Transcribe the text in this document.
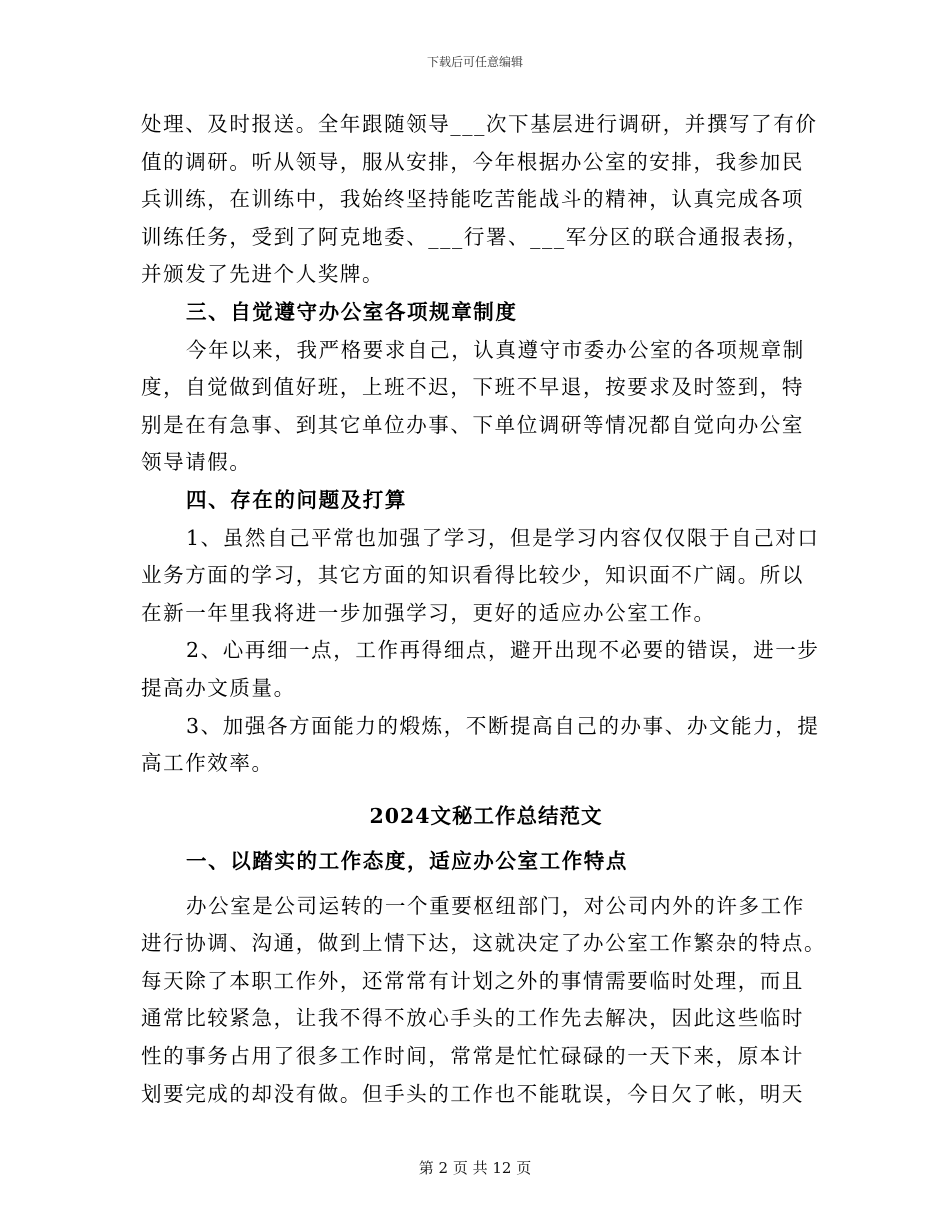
下载后可任意编辑
处理、及时报送。全年跟随领导___次下基层进行调研，并撰写了有价
值的调研。听从领导，服从安排，今年根据办公室的安排，我参加民
兵训练，在训练中，我始终坚持能吃苦能战斗的精神，认真完成各项
训练任务，受到了阿克地委、___行署、___军分区的联合通报表扬，
并颁发了先进个人奖牌。
三、自觉遵守办公室各项规章制度
今年以来，我严格要求自己，认真遵守市委办公室的各项规章制
度，自觉做到值好班，上班不迟，下班不早退，按要求及时签到，特
别是在有急事、到其它单位办事、下单位调研等情况都自觉向办公室
领导请假。
四、存在的问题及打算
1、虽然自己平常也加强了学习，但是学习内容仅仅限于自己对口
业务方面的学习，其它方面的知识看得比较少，知识面不广阔。所以
在新一年里我将进一步加强学习，更好的适应办公室工作。
2、心再细一点，工作再得细点，避开出现不必要的错误，进一步
提高办文质量。
3、加强各方面能力的煅炼，不断提高自己的办事、办文能力，提
高工作效率。
2024文秘工作总结范文
一、以踏实的工作态度，适应办公室工作特点
办公室是公司运转的一个重要枢纽部门，对公司内外的许多工作
进行协调、沟通，做到上情下达，这就决定了办公室工作繁杂的特点。
每天除了本职工作外，还常常有计划之外的事情需要临时处理，而且
通常比较紧急，让我不得不放心手头的工作先去解决，因此这些临时
性的事务占用了很多工作时间，常常是忙忙碌碌的一天下来，原本计
划要完成的却没有做。但手头的工作也不能耽误，今日欠了帐，明天
第 2 页 共 12 页
